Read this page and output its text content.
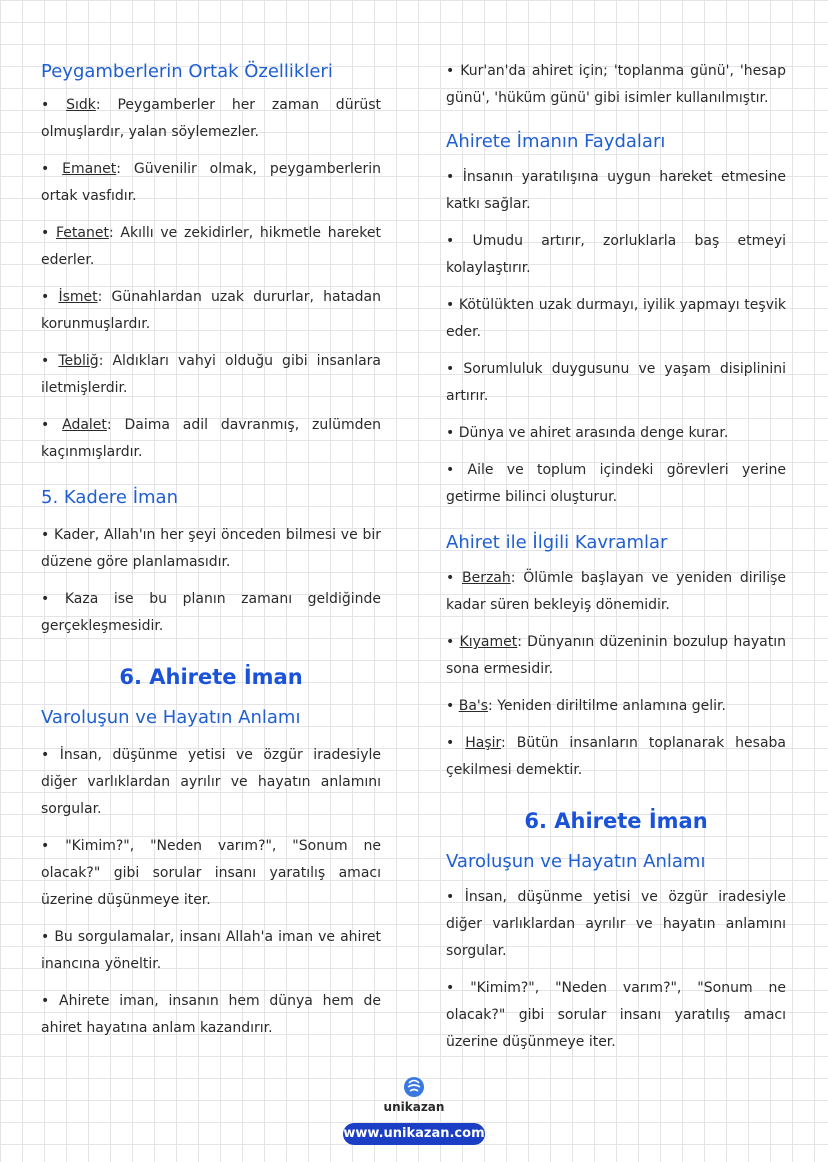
Peygamberlerin Ortak Özellikleri

• Sıdk: Peygamberler her zaman dürüst olmuşlardır, yalan söylemezler.

• Emanet: Güvenilir olmak, peygamberlerin ortak vasfıdır.

• Fetanet: Akıllı ve zekidirler, hikmetle hareket ederler.

• İsmet: Günahlardan uzak dururlar, hatadan korunmuşlardır.

• Tebliğ: Aldıkları vahyi olduğu gibi insanlara iletmişlerdir.

• Adalet: Daima adil davranmış, zulümden kaçınmışlardır.

5. Kadere İman

• Kader, Allah'ın her şeyi önceden bilmesi ve bir düzene göre planlamasıdır.

• Kaza ise bu planın zamanı geldiğinde gerçekleşmesidir.

6. Ahirete İman
Varoluşun ve Hayatın Anlamı

• İnsan, düşünme yetisi ve özgür iradesiyle diğer varlıklardan ayrılır ve hayatın anlamını sorgular.

• "Kimim?", "Neden varım?", "Sonum ne olacak?" gibi sorular insanı yaratılış amacı üzerine düşünmeye iter.

• Bu sorgulamalar, insanı Allah'a iman ve ahiret inancına yöneltir.

• Ahirete iman, insanın hem dünya hem de ahiret hayatına anlam kazandırır.

• Kur'an'da ahiret için; 'toplanma günü', 'hesap günü', 'hüküm günü' gibi isimler kullanılmıştır.

Ahirete İmanın Faydaları

• İnsanın yaratılışına uygun hareket etmesine katkı sağlar.

• Umudu artırır, zorluklarla baş etmeyi kolaylaştırır.

• Kötülükten uzak durmayı, iyilik yapmayı teşvik eder.

• Sorumluluk duygusunu ve yaşam disiplinini artırır.

• Dünya ve ahiret arasında denge kurar.

• Aile ve toplum içindeki görevleri yerine getirme bilinci oluşturur.

Ahiret ile İlgili Kavramlar

• Berzah: Ölümle başlayan ve yeniden dirilişe kadar süren bekleyiş dönemidir.

• Kıyamet: Dünyanın düzeninin bozulup hayatın sona ermesidir.

• Ba's: Yeniden diriltilme anlamına gelir.

• Haşir: Bütün insanların toplanarak hesaba çekilmesi demektir.

6. Ahirete İman
Varoluşun ve Hayatın Anlamı

• İnsan, düşünme yetisi ve özgür iradesiyle diğer varlıklardan ayrılır ve hayatın anlamını sorgular.

• "Kimim?", "Neden varım?", "Sonum ne olacak?" gibi sorular insanı yaratılış amacı üzerine düşünmeye iter.

unikazan
www.unikazan.com
